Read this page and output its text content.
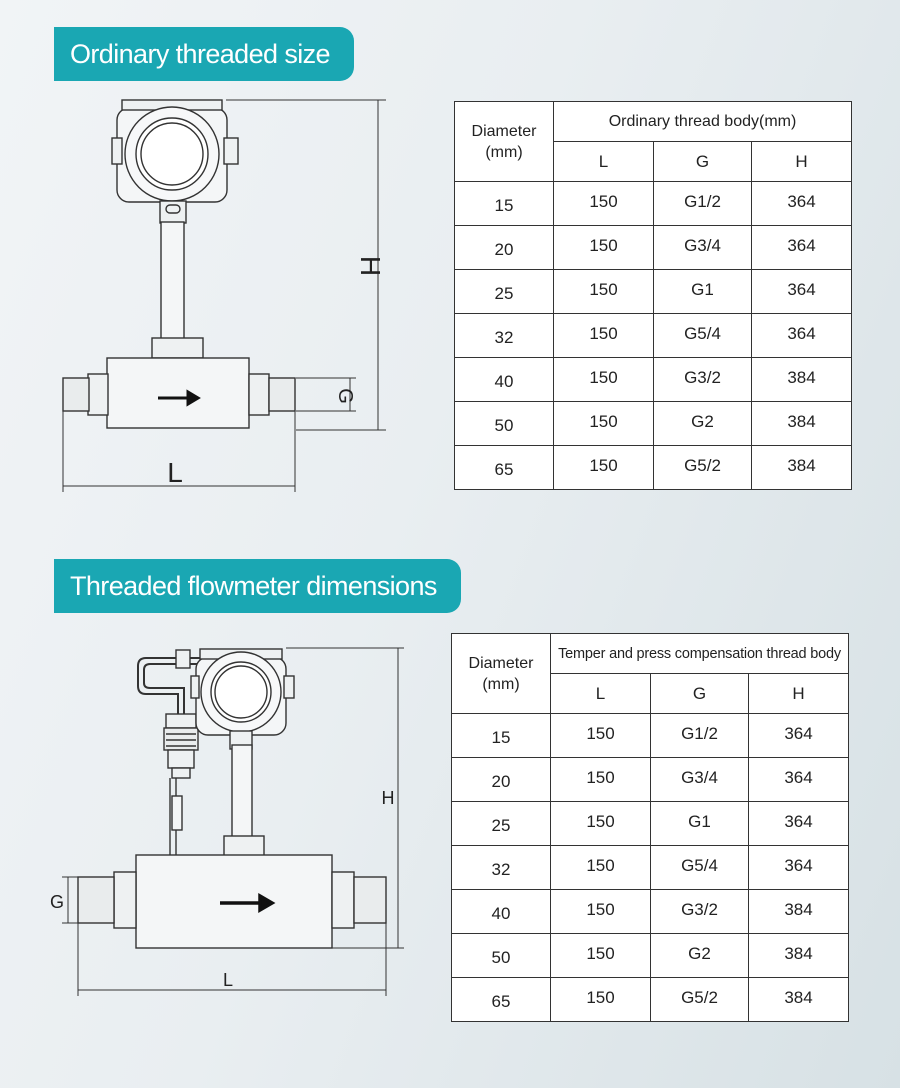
Ordinary threaded size
H
G
L
Diameter
(mm)	Ordinary thread body(mm)		
	L	G	H
15	150	G1/2	364
20	150	G3/4	364
25	150	G1	364
32	150	G5/4	364
40	150	G3/2	384
50	150	G2	384
65	150	G5/2	384
Threaded flowmeter dimensions
H
G
L
Diameter
(mm)	Temper and press compensation thread body		
	L	G	H
15	150	G1/2	364
20	150	G3/4	364
25	150	G1	364
32	150	G5/4	364
40	150	G3/2	384
50	150	G2	384
65	150	G5/2	384
